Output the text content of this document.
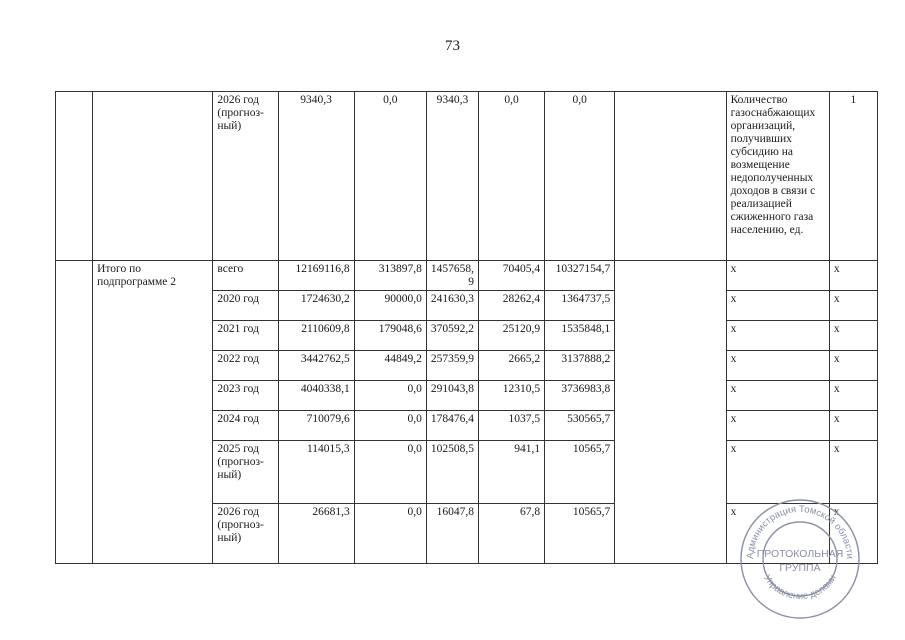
73
		2026 год (прогнозный)	9340,3	0,0	9340,3	0,0	0,0		Количество газоснабжающих организаций, получивших субсидию на возмещение недополученных доходов в связи с реализацией сжиженного газа населению, ед.	1
	Итого по подпрограмме 2	всего	12169116,8	313897,8	1457658,9	70405,4	10327154,7		x	x
		2020 год	1724630,2	90000,0	241630,3	28262,4	1364737,5		x	x
		2021 год	2110609,8	179048,6	370592,2	25120,9	1535848,1		x	x
		2022 год	3442762,5	44849,2	257359,9	2665,2	3137888,2		x	x
		2023 год	4040338,1	0,0	291043,8	12310,5	3736983,8		x	x
		2024 год	710079,6	0,0	178476,4	1037,5	530565,7		x	x
		2025 год (прогнозный)	114015,3	0,0	102508,5	941,1	10565,7		x	x
		2026 год (прогнозный)	26681,3	0,0	16047,8	67,8	10565,7		x	x
Администрация Томской области
Управление делами
ПРОТОКОЛЬНАЯ
ГРУППА
